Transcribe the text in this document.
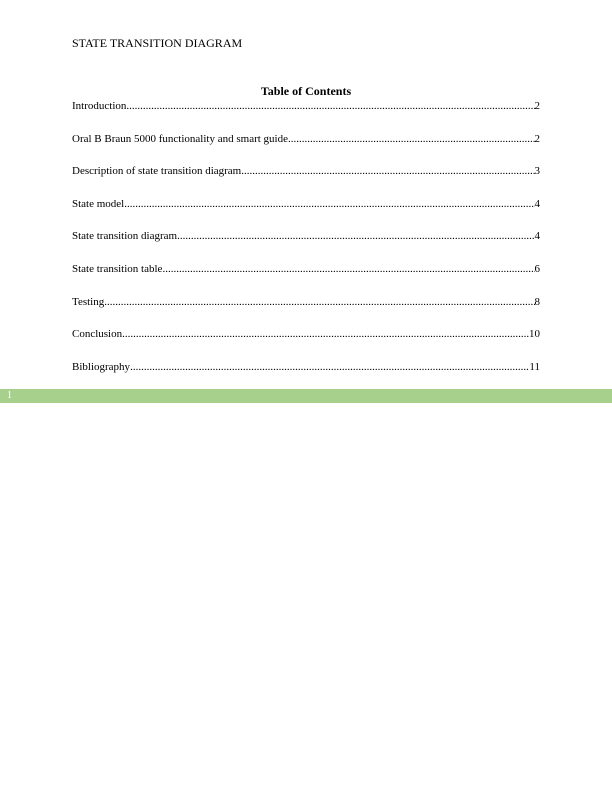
STATE TRANSITION DIAGRAM
Table of Contents
Introduction .....	2
Oral B Braun 5000 functionality and smart guide .....	2
Description of state transition diagram .....	3
State model .....	4
State transition diagram .....	4
State transition table .....	6
Testing .....	8
Conclusion .....	10
Bibliography .....	11
1
